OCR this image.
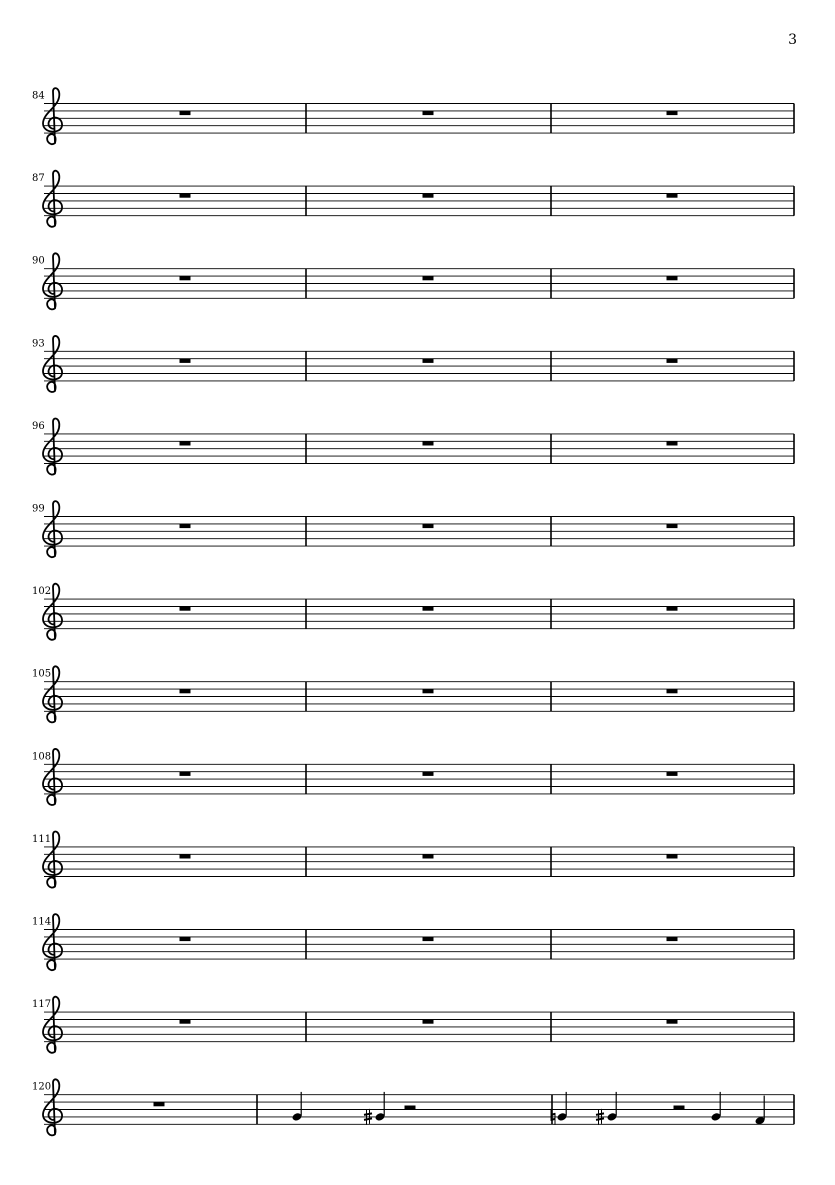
3
84
87
90
93
96
99
102
105
108
111
114
117
120
